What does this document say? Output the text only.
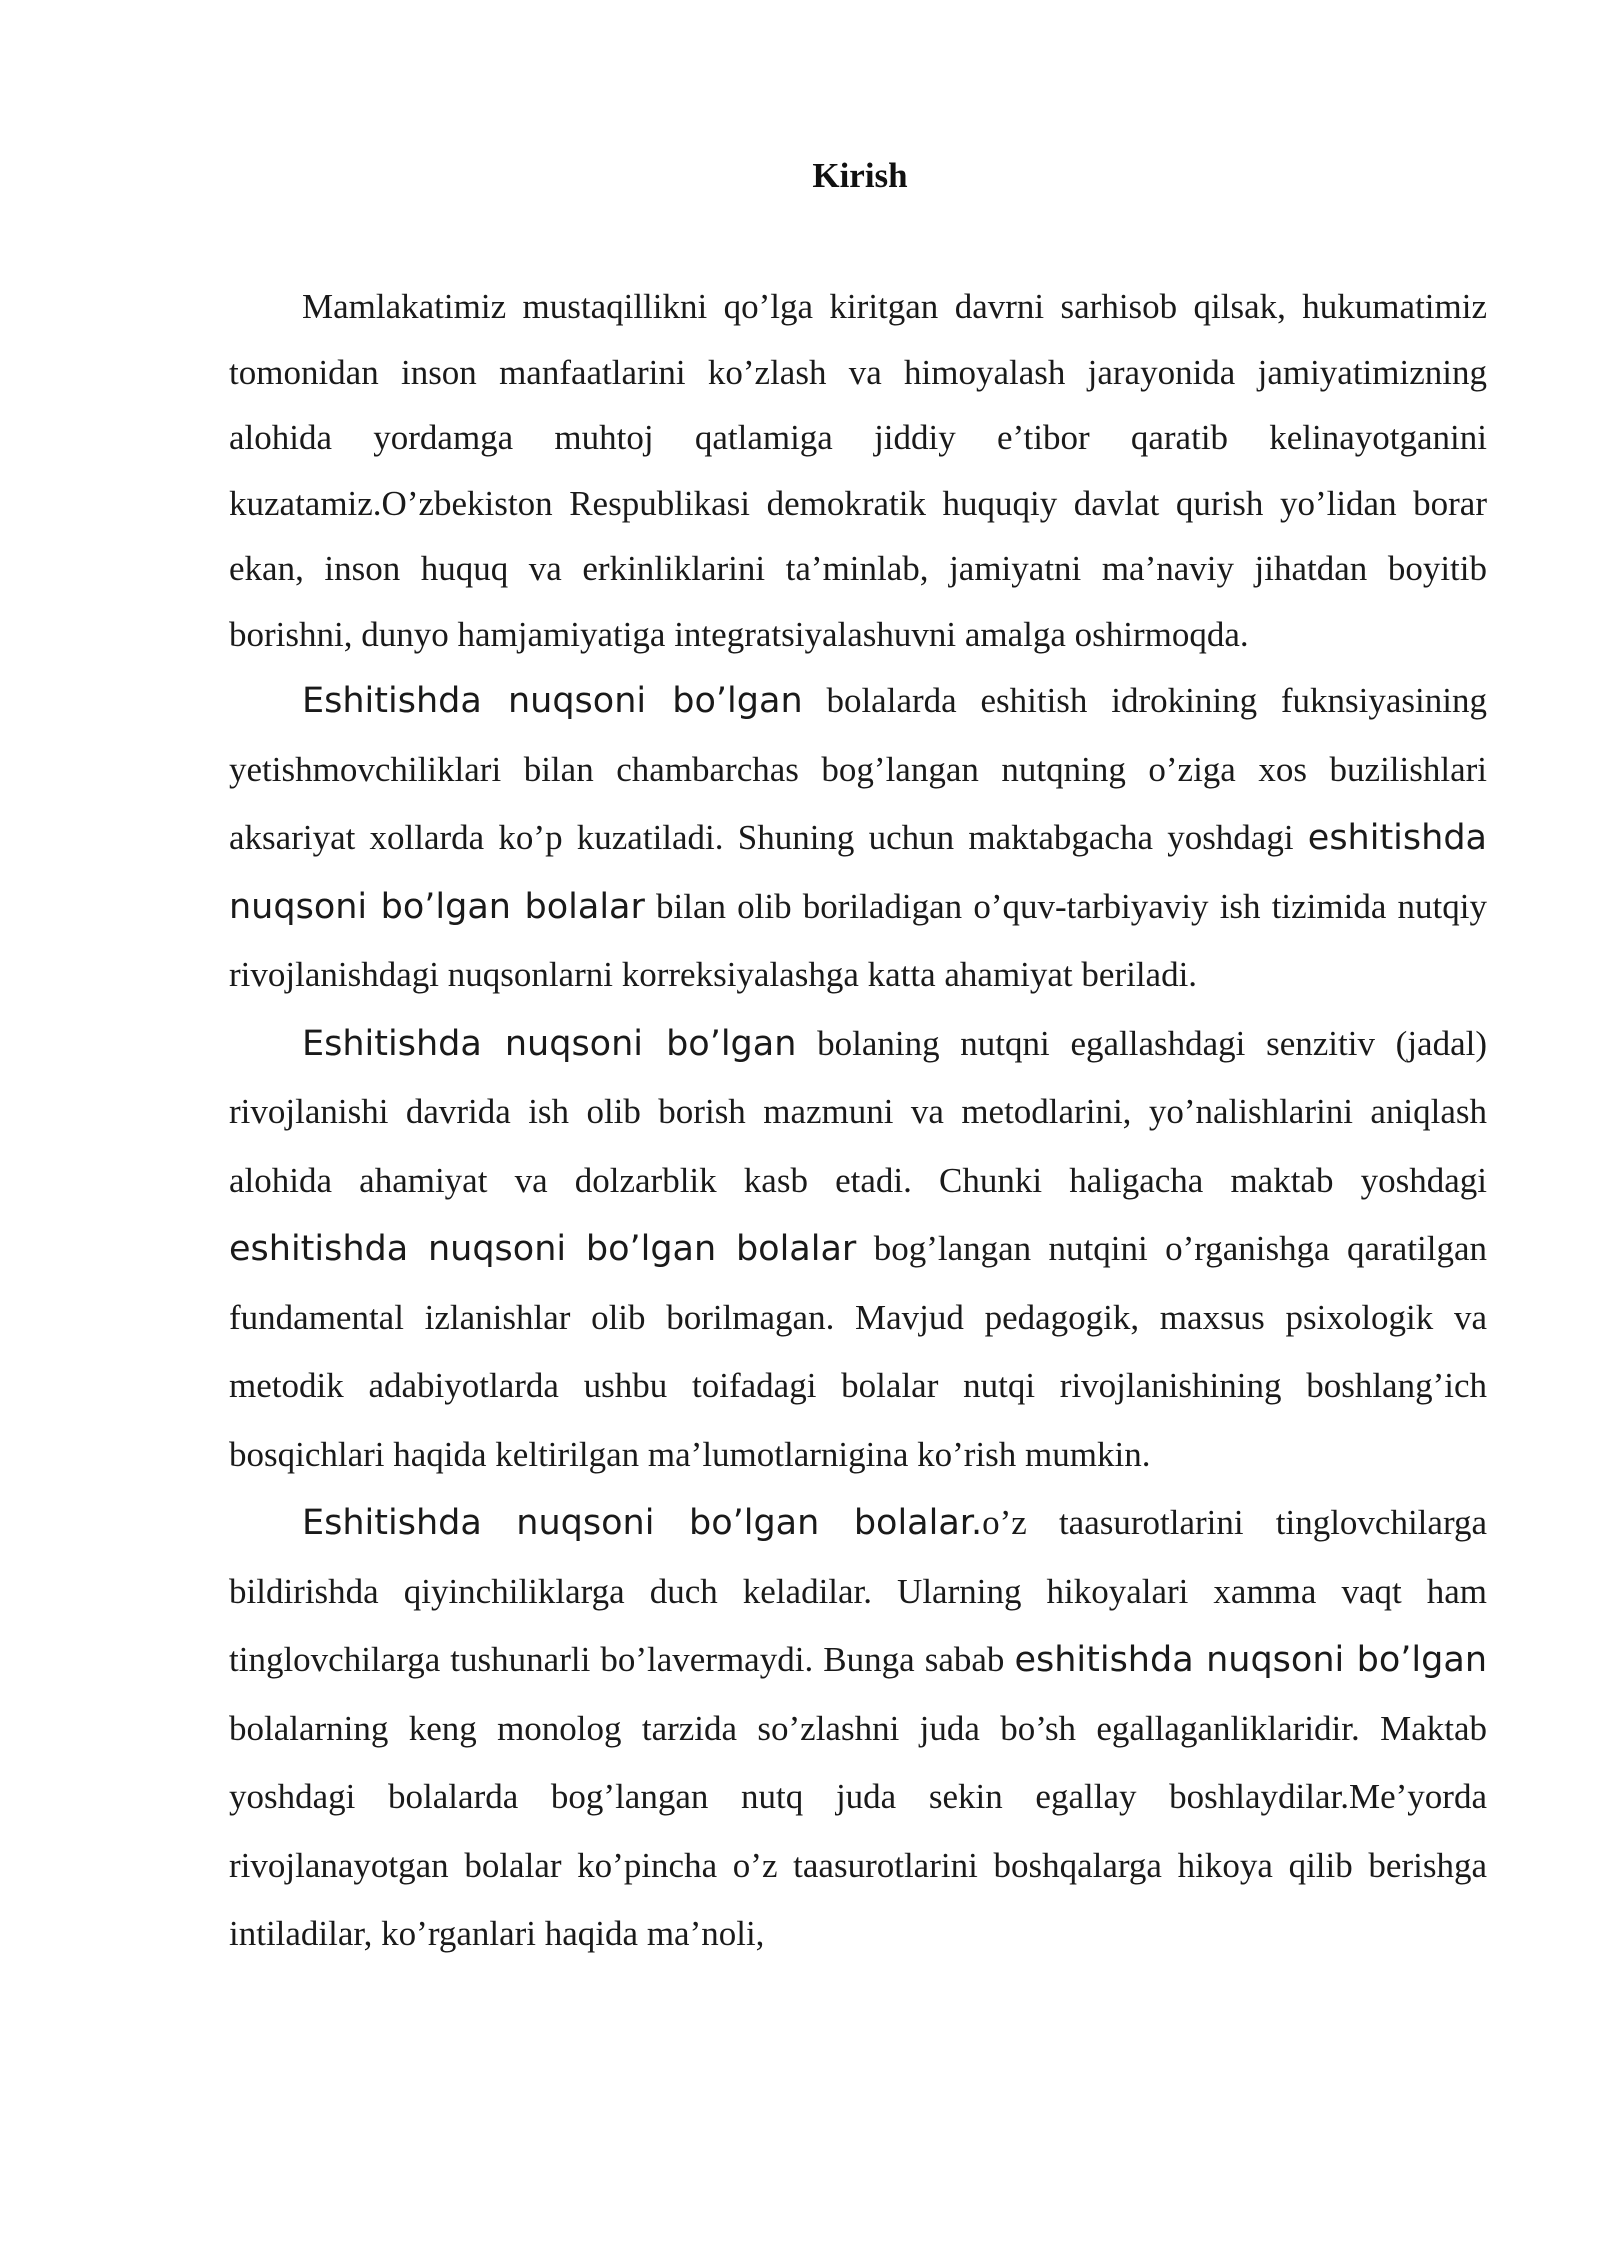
Kirish

Mamlakatimiz mustaqillikni qo’lga kiritgan davrni sarhisob qilsak, hukumatimiz tomonidan inson manfaatlarini ko’zlash va himoyalash jarayonida jamiyatimizning alohida yordamga muhtoj qatlamiga jiddiy e’tibor qaratib kelinayotganini kuzatamiz.O’zbekiston Respublikasi demokratik huquqiy davlat qurish yo’lidan borar ekan, inson huquq va erkinliklarini ta’minlab, jamiyatni ma’naviy jihatdan boyitib borishni, dunyo hamjamiyatiga integratsiyalashuvni amalga oshirmoqda.

Eshitishda nuqsoni bo’lgan bolalarda eshitish idrokining fuknsiyasining yetishmovchiliklari bilan chambarchas bog’langan nutqning o’ziga xos buzilishlari aksariyat xollarda ko’p kuzatiladi. Shuning uchun maktabgacha yoshdagi eshitishda nuqsoni bo’lgan bolalar bilan olib boriladigan o’quv-tarbiyaviy ish tizimida nutqiy rivojlanishdagi nuqsonlarni korreksiyalashga katta ahamiyat beriladi.

Eshitishda nuqsoni bo’lgan bolaning nutqni egallashdagi senzitiv (jadal) rivojlanishi davrida ish olib borish mazmuni va metodlarini, yo’nalishlarini aniqlash alohida ahamiyat va dolzarblik kasb etadi. Chunki haligacha maktab yoshdagi eshitishda nuqsoni bo’lgan bolalar bog’langan nutqini o’rganishga qaratilgan fundamental izlanishlar olib borilmagan. Mavjud pedagogik, maxsus psixologik va metodik adabiyotlarda ushbu toifadagi bolalar nutqi rivojlanishining boshlang’ich bosqichlari haqida keltirilgan ma’lumotlarnigina ko’rish mumkin.

Eshitishda nuqsoni bo’lgan bolalar.o’z taasurotlarini tinglovchilarga bildirishda qiyinchiliklarga duch keladilar. Ularning hikoyalari xamma vaqt ham tinglovchilarga tushunarli bo’lavermaydi. Bunga sabab eshitishda nuqsoni bo’lgan bolalarning keng monolog tarzida so’zlashni juda bo’sh egallaganliklaridir. Maktab yoshdagi bolalarda bog’langan nutq juda sekin egallay boshlaydilar.Me’yorda rivojlanayotgan bolalar ko’pincha o’z taasurotlarini boshqalarga hikoya qilib berishga intiladilar, ko’rganlari haqida ma’noli,
